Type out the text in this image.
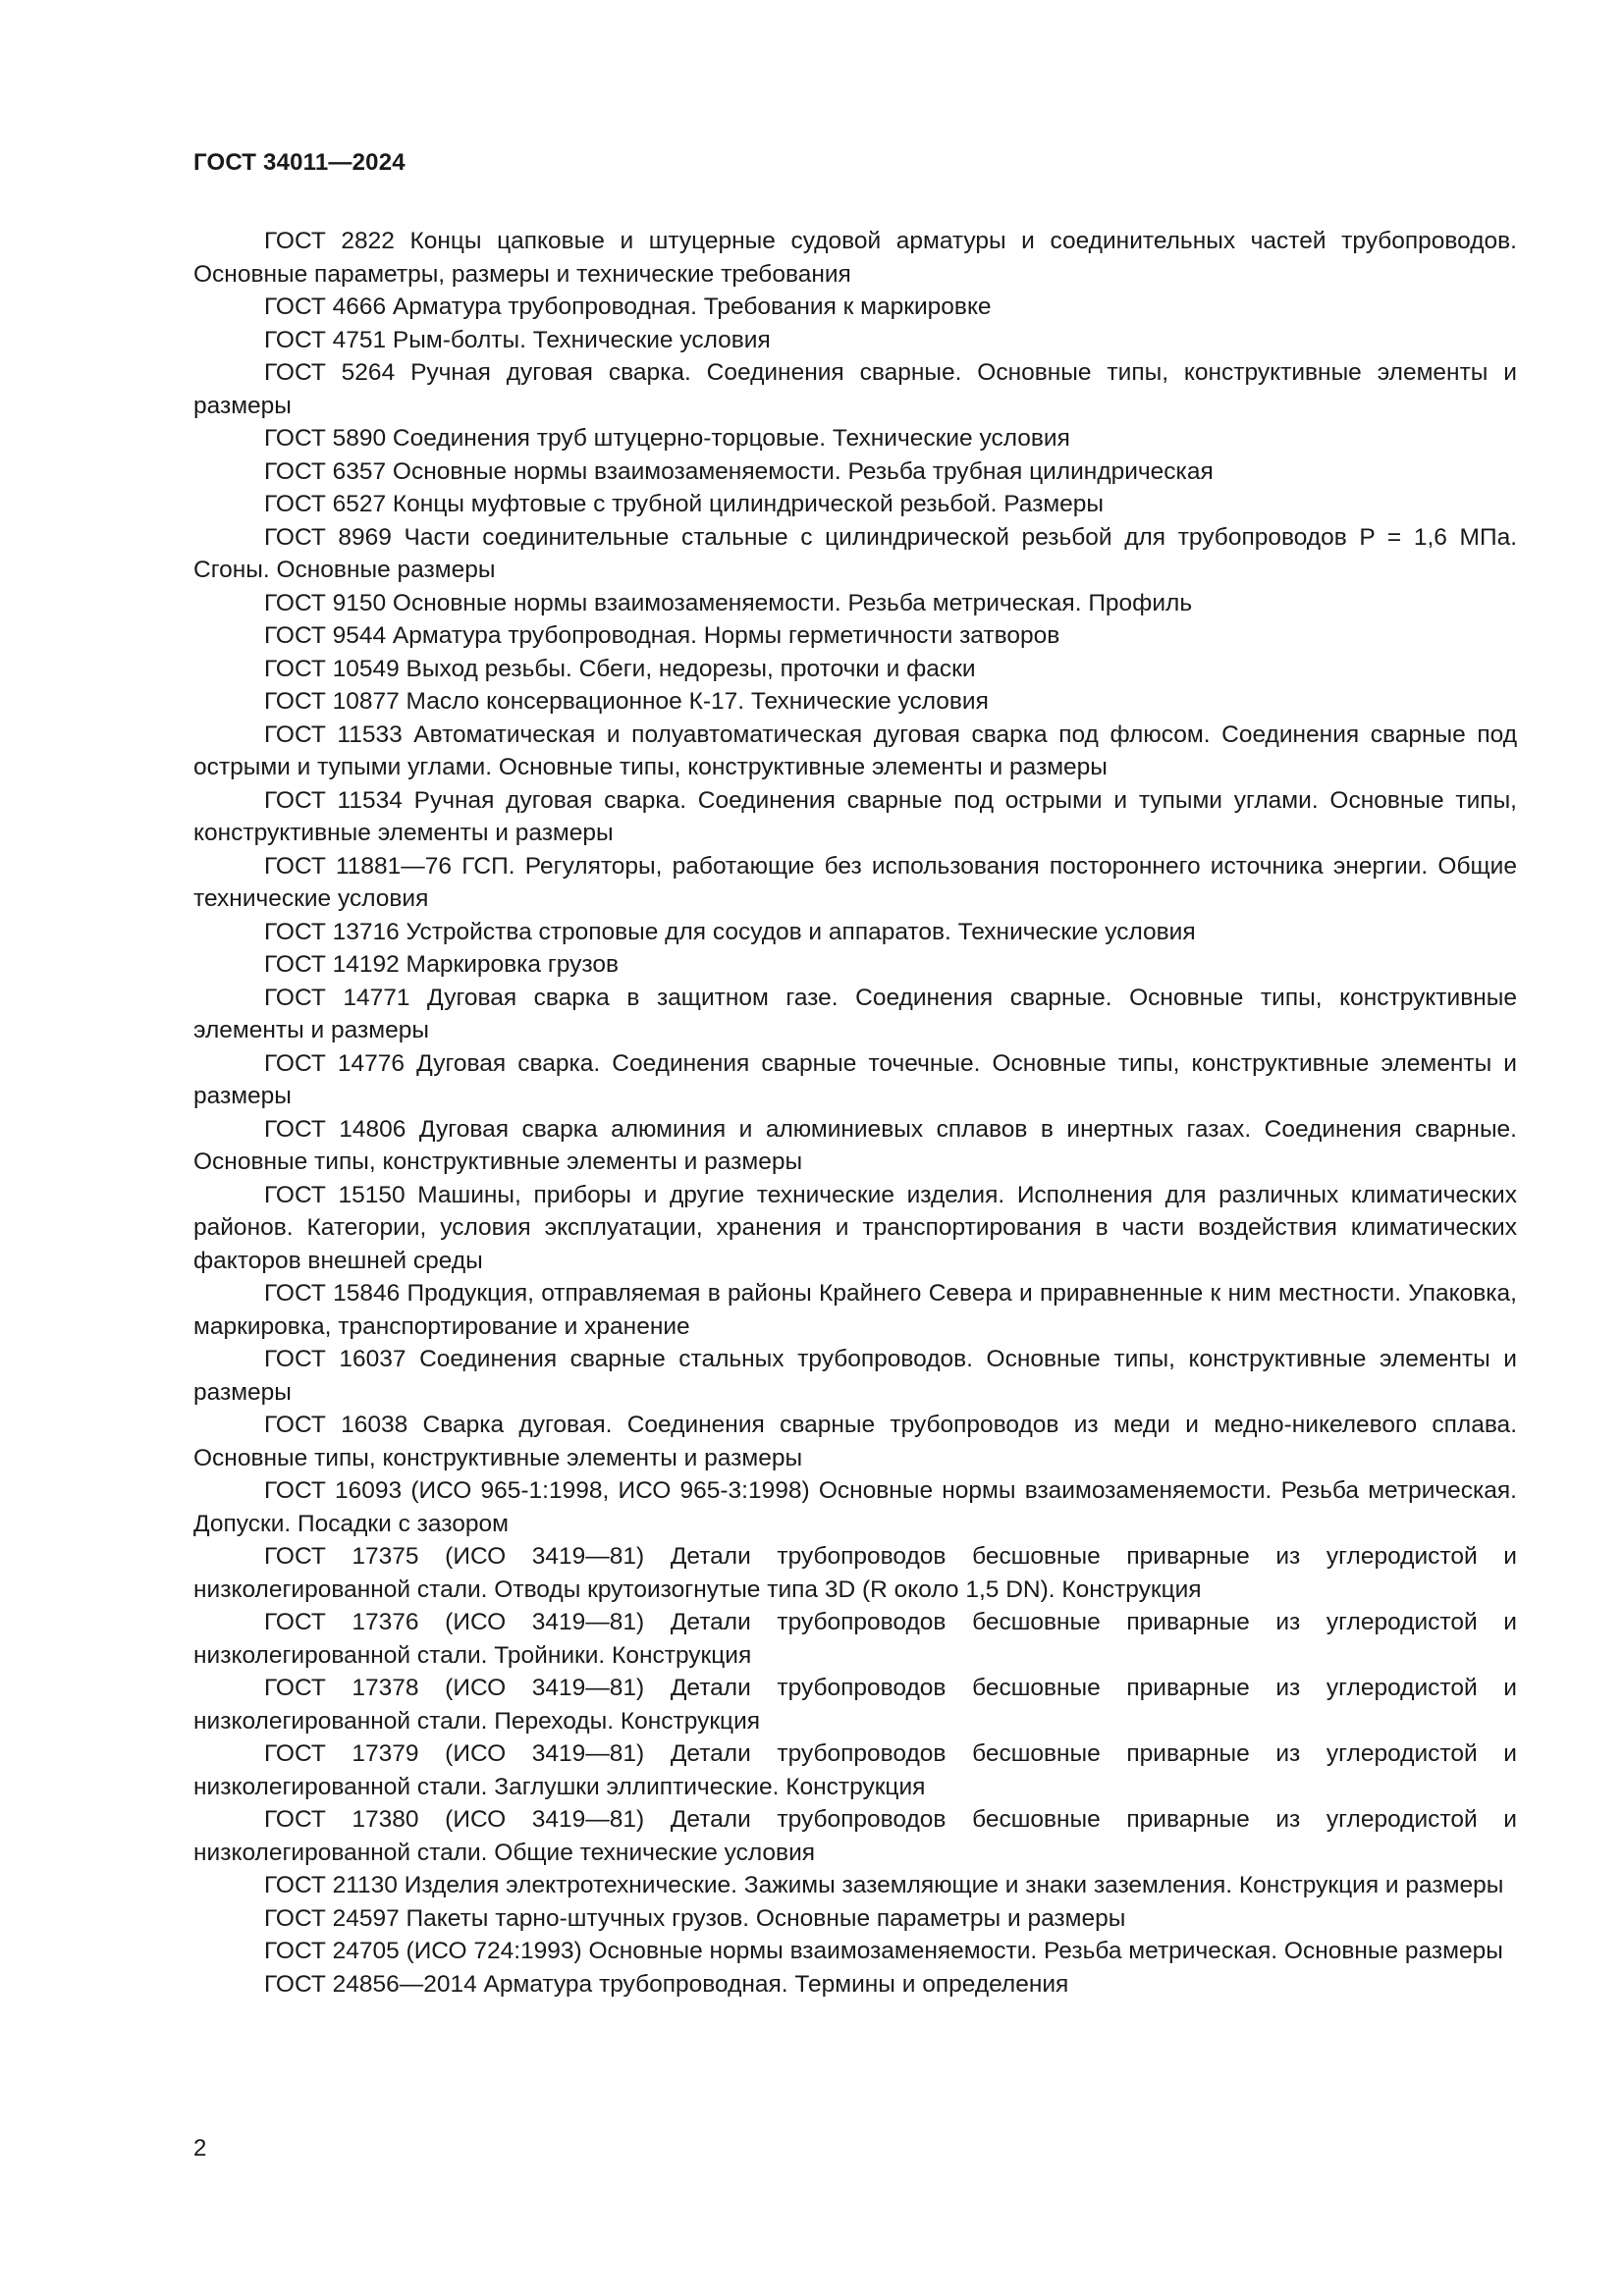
ГОСТ 34011—2024

ГОСТ 2822 Концы цапковые и штуцерные судовой арматуры и соединительных частей трубопроводов. Основные параметры, размеры и технические требования

ГОСТ 4666 Арматура трубопроводная. Требования к маркировке

ГОСТ 4751 Рым-болты. Технические условия

ГОСТ 5264 Ручная дуговая сварка. Соединения сварные. Основные типы, конструктивные элементы и размеры

ГОСТ 5890 Соединения труб штуцерно-торцовые. Технические условия

ГОСТ 6357 Основные нормы взаимозаменяемости. Резьба трубная цилиндрическая

ГОСТ 6527 Концы муфтовые с трубной цилиндрической резьбой. Размеры

ГОСТ 8969 Части соединительные стальные с цилиндрической резьбой для трубопроводов P = 1,6 МПа. Сгоны. Основные размеры

ГОСТ 9150 Основные нормы взаимозаменяемости. Резьба метрическая. Профиль

ГОСТ 9544 Арматура трубопроводная. Нормы герметичности затворов

ГОСТ 10549 Выход резьбы. Сбеги, недорезы, проточки и фаски

ГОСТ 10877 Масло консервационное К-17. Технические условия

ГОСТ 11533 Автоматическая и полуавтоматическая дуговая сварка под флюсом. Соединения сварные под острыми и тупыми углами. Основные типы, конструктивные элементы и размеры

ГОСТ 11534 Ручная дуговая сварка. Соединения сварные под острыми и тупыми углами. Основные типы, конструктивные элементы и размеры

ГОСТ 11881—76 ГСП. Регуляторы, работающие без использования постороннего источника энергии. Общие технические условия

ГОСТ 13716 Устройства строповые для сосудов и аппаратов. Технические условия

ГОСТ 14192 Маркировка грузов

ГОСТ 14771 Дуговая сварка в защитном газе. Соединения сварные. Основные типы, конструктивные элементы и размеры

ГОСТ 14776 Дуговая сварка. Соединения сварные точечные. Основные типы, конструктивные элементы и размеры

ГОСТ 14806 Дуговая сварка алюминия и алюминиевых сплавов в инертных газах. Соединения сварные. Основные типы, конструктивные элементы и размеры

ГОСТ 15150 Машины, приборы и другие технические изделия. Исполнения для различных климатических районов. Категории, условия эксплуатации, хранения и транспортирования в части воздействия климатических факторов внешней среды

ГОСТ 15846 Продукция, отправляемая в районы Крайнего Севера и приравненные к ним местности. Упаковка, маркировка, транспортирование и хранение

ГОСТ 16037 Соединения сварные стальных трубопроводов. Основные типы, конструктивные элементы и размеры

ГОСТ 16038 Сварка дуговая. Соединения сварные трубопроводов из меди и медно-никелевого сплава. Основные типы, конструктивные элементы и размеры

ГОСТ 16093 (ИСО 965-1:1998, ИСО 965-3:1998) Основные нормы взаимозаменяемости. Резьба метрическая. Допуски. Посадки с зазором

ГОСТ 17375 (ИСО 3419—81) Детали трубопроводов бесшовные приварные из углеродистой и низколегированной стали. Отводы крутоизогнутые типа 3D (R около 1,5 DN). Конструкция

ГОСТ 17376 (ИСО 3419—81) Детали трубопроводов бесшовные приварные из углеродистой и низколегированной стали. Тройники. Конструкция

ГОСТ 17378 (ИСО 3419—81) Детали трубопроводов бесшовные приварные из углеродистой и низколегированной стали. Переходы. Конструкция

ГОСТ 17379 (ИСО 3419—81) Детали трубопроводов бесшовные приварные из углеродистой и низколегированной стали. Заглушки эллиптические. Конструкция

ГОСТ 17380 (ИСО 3419—81) Детали трубопроводов бесшовные приварные из углеродистой и низколегированной стали. Общие технические условия

ГОСТ 21130 Изделия электротехнические. Зажимы заземляющие и знаки заземления. Конструкция и размеры

ГОСТ 24597 Пакеты тарно-штучных грузов. Основные параметры и размеры

ГОСТ 24705 (ИСО 724:1993) Основные нормы взаимозаменяемости. Резьба метрическая. Основные размеры

ГОСТ 24856—2014 Арматура трубопроводная. Термины и определения

2
